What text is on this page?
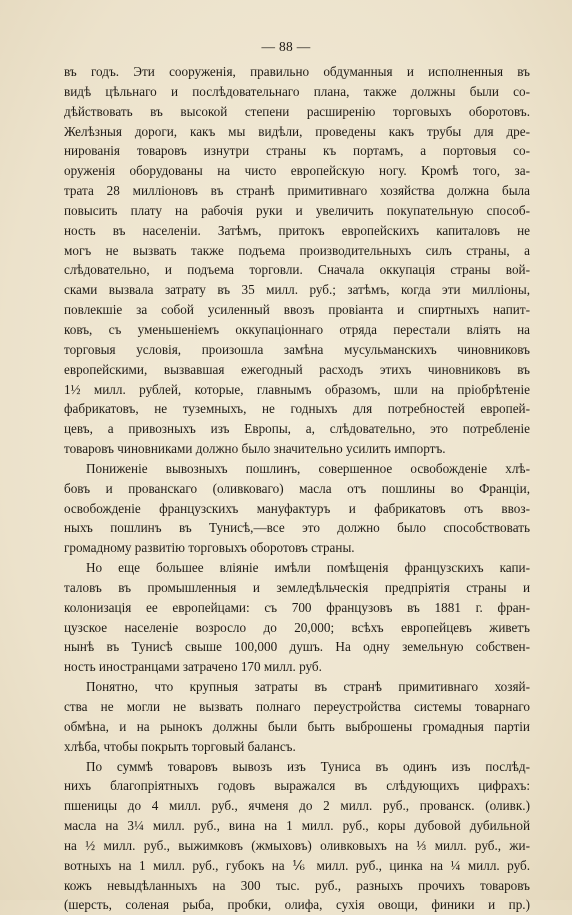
— 88 —
въ годъ. Эти сооруженія, правильно обдуманныя и исполненныя въ
видѣ цѣльнаго и послѣдовательнаго плана, также должны были со-
дѣйствовать въ высокой степени расширенію торговыхъ оборотовъ.
Желѣзныя дороги, какъ мы видѣли, проведены какъ трубы для дре-
нированія товаровъ изнутри страны къ портамъ, а портовыя со-
оруженія оборудованы на чисто европейскую ногу. Кромѣ того, за-
трата 28 милліоновъ въ странѣ примитивнаго хозяйства должна была
повысить плату на рабочія руки и увеличить покупательную способ-
ность въ населеніи. Затѣмъ, притокъ европейскихъ капиталовъ не
могъ не вызвать также подъема производительныхъ силъ страны, а
слѣдовательно, и подъема торговли. Сначала оккупація страны вой-
сками вызвала затрату въ 35 милл. руб.; затѣмъ, когда эти милліоны,
повлекшіе за собой усиленный ввозъ провіанта и спиртныхъ напит-
ковъ, съ уменьшеніемъ оккупаціоннаго отряда перестали вліять на
торговыя условія, произошла замѣна мусульманскихъ чиновниковъ
европейскими, вызвавшая ежегодный расходъ этихъ чиновниковъ въ
1½ милл. рублей, которые, главнымъ образомъ, шли на пріобрѣтеніе
фабрикатовъ, не туземныхъ, не годныхъ для потребностей европей-
цевъ, а привозныхъ изъ Европы, а, слѣдовательно, это потребленіе
товаровъ чиновниками должно было значительно усилить импортъ.
Пониженіе вывозныхъ пошлинъ, совершенное освобожденіе хлѣ-
бовъ и прованскаго (оливковаго) масла отъ пошлины во Франціи,
освобожденіе французскихъ мануфактуръ и фабрикатовъ отъ ввоз-
ныхъ пошлинъ въ Тунисѣ,—все это должно было способствовать
громадному развитію торговыхъ оборотовъ страны.
Но еще большее вліяніе имѣли помѣщенія французскихъ капи-
таловъ въ промышленныя и земледѣльческія предпріятія страны и
колонизація ее европейцами: съ 700 французовъ въ 1881 г. фран-
цузское населеніе возросло до 20,000; всѣхъ европейцевъ живетъ
нынѣ въ Тунисѣ свыше 100,000 душъ. На одну земельную собствен-
ность иностранцами затрачено 170 милл. руб.
Понятно, что крупныя затраты въ странѣ примитивнаго хозяй-
ства не могли не вызвать полнаго переустройства системы товарнаго
обмѣна, и на рынокъ должны были быть выброшены громадныя партіи
хлѣба, чтобы покрыть торговый балансъ.
По суммѣ товаровъ вывозъ изъ Туниса въ одинъ изъ послѣд-
нихъ благопріятныхъ годовъ выражался въ слѣдующихъ цифрахъ:
пшеницы до 4 милл. руб., ячменя до 2 милл. руб., прованск. (оливк.)
масла на 3¼ милл. руб., вина на 1 милл. руб., коры дубовой дубильной
на ½ милл. руб., выжимковъ (жмыховъ) оливковыхъ на ⅓ милл. руб., жи-
вотныхъ на 1 милл. руб., губокъ на ⅙ милл. руб., цинка на ¼ милл. руб.
кожъ невыдѣланныхъ на 300 тыс. руб., разныхъ прочихъ товаровъ
(шерсть, соленая рыба, пробки, олифа, сухія овощи, финики и пр.)
